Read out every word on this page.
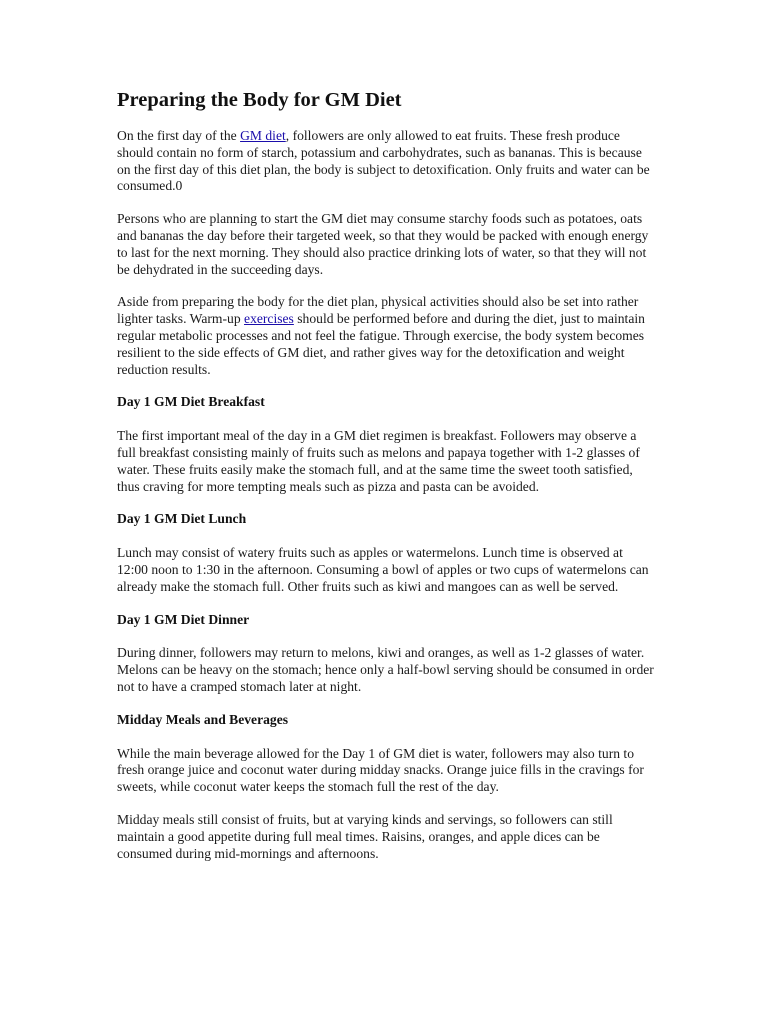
Preparing the Body for GM Diet

On the first day of the GM diet, followers are only allowed to eat fruits. These fresh produce should contain no form of starch, potassium and carbohydrates, such as bananas. This is because on the first day of this diet plan, the body is subject to detoxification. Only fruits and water can be consumed.0

Persons who are planning to start the GM diet may consume starchy foods such as potatoes, oats and bananas the day before their targeted week, so that they would be packed with enough energy to last for the next morning. They should also practice drinking lots of water, so that they will not be dehydrated in the succeeding days.

Aside from preparing the body for the diet plan, physical activities should also be set into rather lighter tasks. Warm-up exercises should be performed before and during the diet, just to maintain regular metabolic processes and not feel the fatigue. Through exercise, the body system becomes resilient to the side effects of GM diet, and rather gives way for the detoxification and weight reduction results.

Day 1 GM Diet Breakfast

The first important meal of the day in a GM diet regimen is breakfast. Followers may observe a full breakfast consisting mainly of fruits such as melons and papaya together with 1-2 glasses of water. These fruits easily make the stomach full, and at the same time the sweet tooth satisfied, thus craving for more tempting meals such as pizza and pasta can be avoided.

Day 1 GM Diet Lunch

Lunch may consist of watery fruits such as apples or watermelons. Lunch time is observed at 12:00 noon to 1:30 in the afternoon. Consuming a bowl of apples or two cups of watermelons can already make the stomach full. Other fruits such as kiwi and mangoes can as well be served.

Day 1 GM Diet Dinner

During dinner, followers may return to melons, kiwi and oranges, as well as 1-2 glasses of water. Melons can be heavy on the stomach; hence only a half-bowl serving should be consumed in order not to have a cramped stomach later at night.

Midday Meals and Beverages

While the main beverage allowed for the Day 1 of GM diet is water, followers may also turn to fresh orange juice and coconut water during midday snacks. Orange juice fills in the cravings for sweets, while coconut water keeps the stomach full the rest of the day.

Midday meals still consist of fruits, but at varying kinds and servings, so followers can still maintain a good appetite during full meal times. Raisins, oranges, and apple dices can be consumed during mid-mornings and afternoons.
